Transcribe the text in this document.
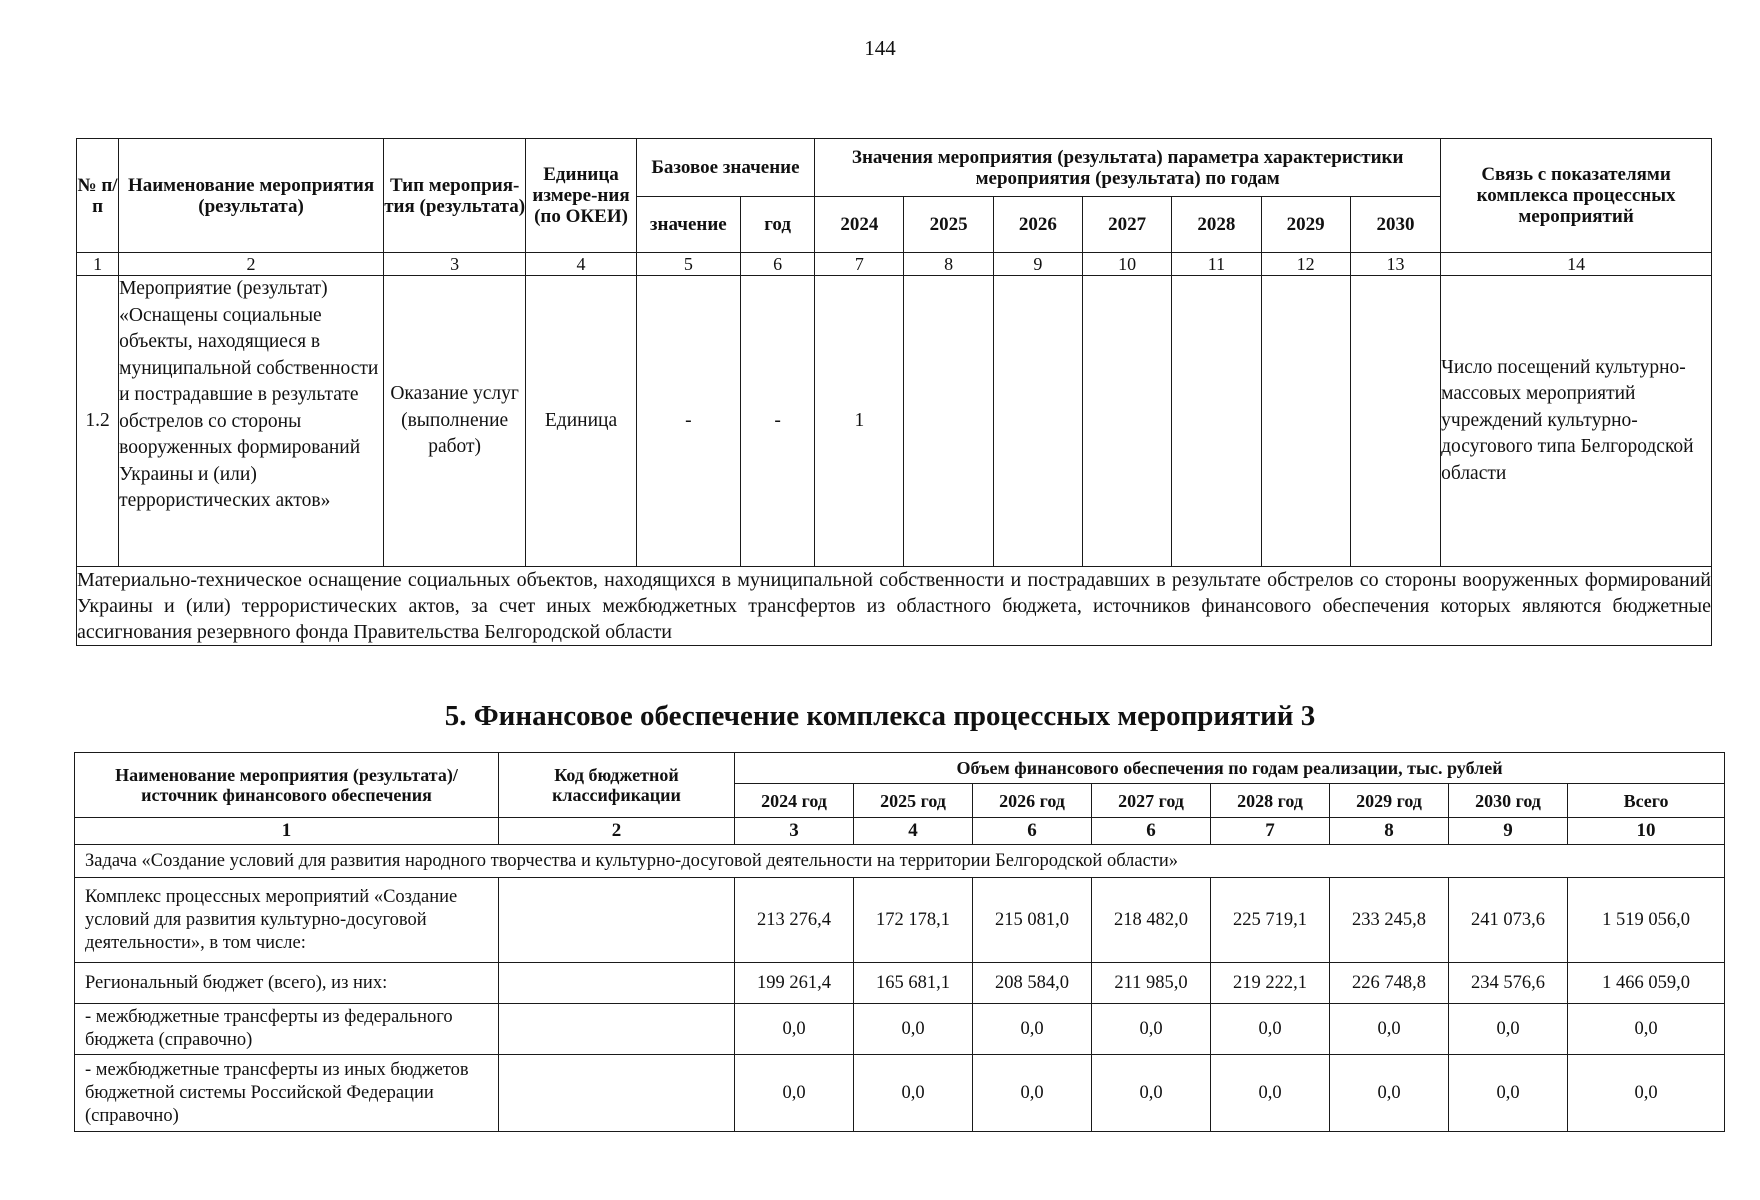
144
№ п/п	Наименование мероприятия (результата)	Тип мероприя-тия (результата)	Единица измере-ния (по ОКЕИ)	Базовое значение		Значения мероприятия (результата) параметра характеристики мероприятия (результата) по годам							Связь с показателями комплекса процессных мероприятий
				значение	год	2024	2025	2026	2027	2028	2029	2030	
1	2	3	4	5	6	7	8	9	10	11	12	13	14
1.2	Мероприятие (результат) «Оснащены социальные объекты, находящиеся в муниципальной собственности и пострадавшие в результате обстрелов со стороны вооруженных формирований Украины и (или) террористических актов»	Оказание услуг (выполнение работ)	Единица	-	-	1							Число посещений культурно-массовых мероприятий учреждений культурно-досугового типа Белгородской области
Материально-техническое оснащение социальных объектов, находящихся в муниципальной собственности и пострадавших в результате обстрелов со стороны вооруженных формирований Украины и (или) террористических актов, за счет иных межбюджетных трансфертов из областного бюджета, источников финансового обеспечения которых являются бюджетные ассигнования резервного фонда Правительства Белгородской области													
5. Финансовое обеспечение комплекса процессных мероприятий 3
Наименование мероприятия (результата)/ источник финансового обеспечения	Код бюджетной классификации	Объем финансового обеспечения по годам реализации, тыс. рублей							
		2024 год	2025 год	2026 год	2027 год	2028 год	2029 год	2030 год	Всего
1	2	3	4	6	6	7	8	9	10
Задача «Создание условий для развития народного творчества и культурно-досуговой деятельности на территории Белгородской области»									
Комплекс процессных мероприятий «Создание условий для развития культурно-досуговой деятельности», в том числе:		213 276,4	172 178,1	215 081,0	218 482,0	225 719,1	233 245,8	241 073,6	1 519 056,0
Региональный бюджет (всего), из них:		199 261,4	165 681,1	208 584,0	211 985,0	219 222,1	226 748,8	234 576,6	1 466 059,0
- межбюджетные трансферты из федерального бюджета (справочно)		0,0	0,0	0,0	0,0	0,0	0,0	0,0	0,0
- межбюджетные трансферты из иных бюджетов бюджетной системы Российской Федерации (справочно)		0,0	0,0	0,0	0,0	0,0	0,0	0,0	0,0
